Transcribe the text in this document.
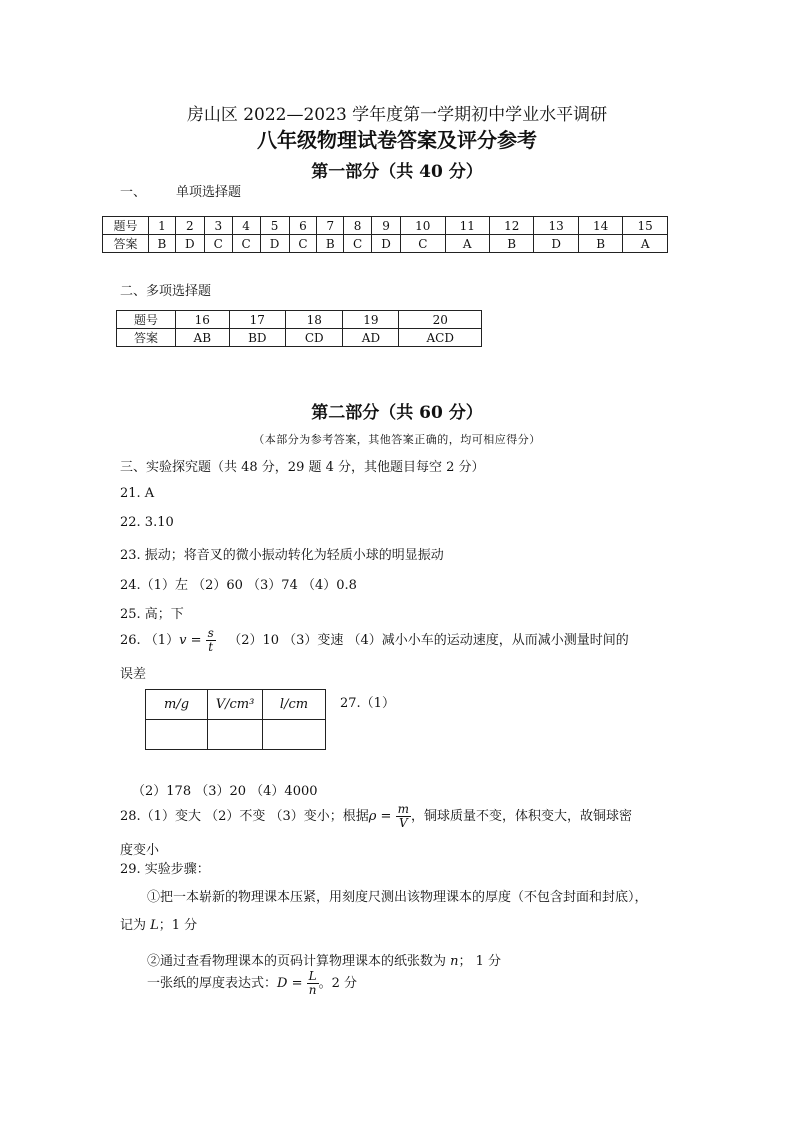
房山区 2022—2023 学年度第一学期初中学业水平调研
八年级物理试卷答案及评分参考
第一部分（共 40 分）
一、 单项选择题
题号	1	2	3	4	5	6	7	8	9	10	11	12	13	14	15
答案	B	D	C	C	D	C	B	C	D	C	A	B	D	B	A
二、多项选择题
题号	16	17	18	19	20
答案	AB	BD	CD	AD	ACD
第二部分（共 60 分）
（本部分为参考答案，其他答案正确的，均可相应得分）
三、实验探究题（共 48 分，29 题 4 分，其他题目每空 2 分）
21. A
22. 3.10
23. 振动；将音叉的微小振动转化为轻质小球的明显振动
24.（1）左 （2）60 （3）74 （4）0.8
25. 高；下
26. $(1)v = \frac{s}{t} (2)10$ （3）变速 （4）减小小车的运动速度，从而减小测量时间的
误差
m/g	V/cm³	l/cm
		27.（1）
（2）178 （3）20 （4）4000
28.（1）变大 （2）不变 （3）变小；根据$\rho = \frac{m}{V}$ ，铜球质量不变，体积变大，故铜球密
度变小
29. 实验步骤：
①把一本崭新的物理课本压紧，用刻度尺测出该物理课本的厚度（不包含封面和封底），
记为 L；1 分
②通过查看物理课本的页码计算物理课本的纸张数为 n； 1 分
一张纸的厚度表达式：$D = \frac{L}{n}$ 。2 分
